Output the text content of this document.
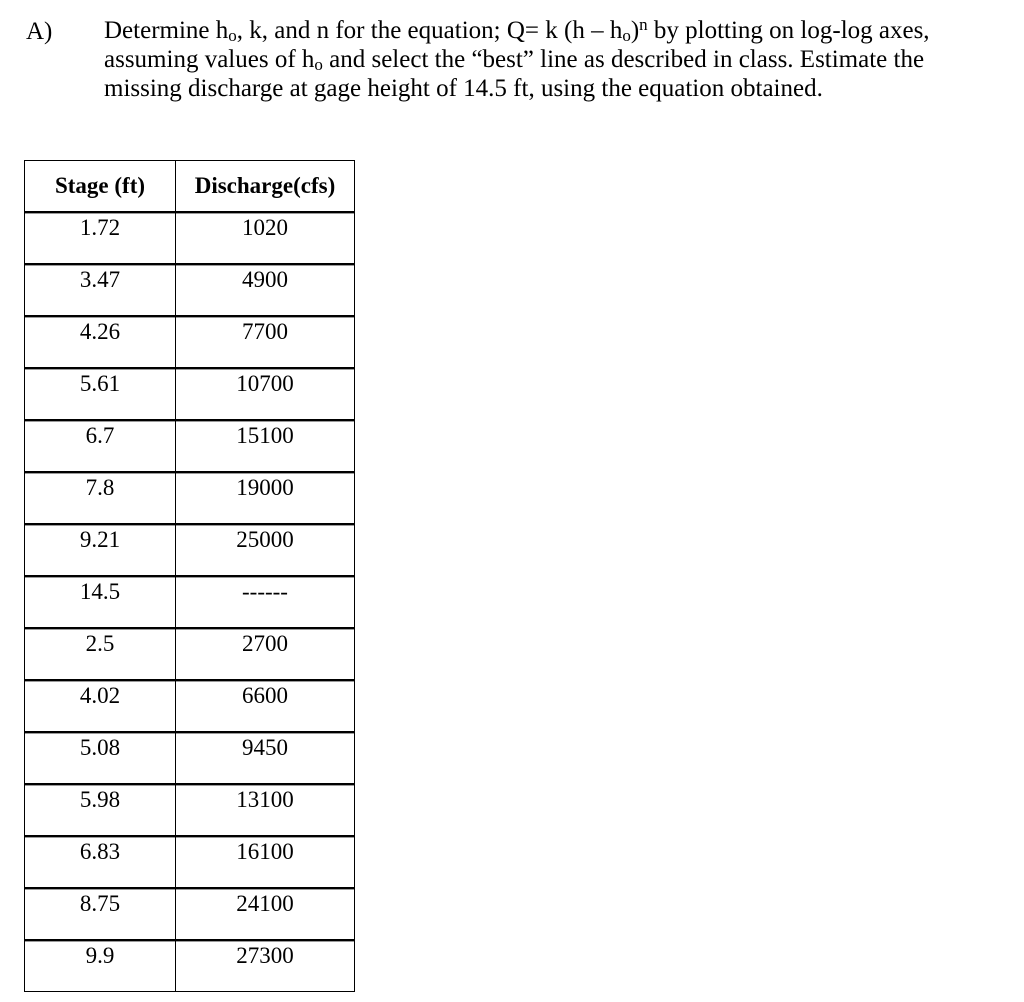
A) Determine $h_o$, k, and n for the equation; Q= k $(h - h_o)^n$ by plotting on log-log axes,
assuming values of $h_o$ and select the “best” line as described in class. Estimate the
missing discharge at gage height of 14.5 ft, using the equation obtained.
Stage (ft)	Discharge(cfs)
1.72	1020
3.47	4900
4.26	7700
5.61	10700
6.7	15100
7.8	19000
9.21	25000
14.5	------
2.5	2700
4.02	6600
5.08	9450
5.98	13100
6.83	16100
8.75	24100
9.9	27300
